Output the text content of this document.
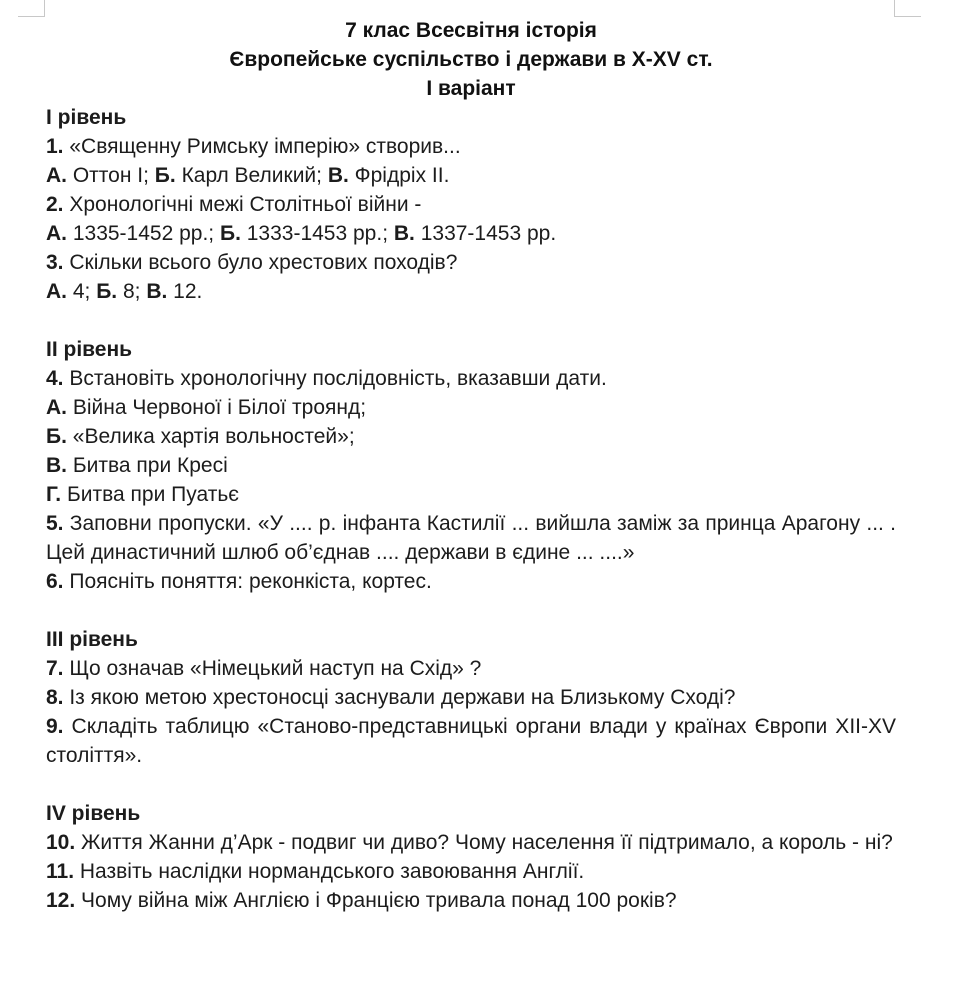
7 клас Всесвітня історія
Європейське суспільство і держави в X-XV ст.
I варіант
I рівень
1. «Священну Римську імперію» створив...
А. Оттон І; Б. Карл Великий; В. Фрідріх ІІ.
2. Хронологічні межі Столітньої війни -
А. 1335-1452 рр.; Б. 1333-1453 рр.; В. 1337-1453 рр.
3. Скільки всього було хрестових походів?
А. 4; Б. 8; В. 12.
II рівень
4. Встановіть хронологічну послідовність, вказавши дати.
А. Війна Червоної і Білої троянд;
Б. «Велика хартія вольностей»;
В. Битва при Кресі
Г. Битва при Пуатьє
5. Заповни пропуски. «У .... р. інфанта Кастилії ... вийшла заміж за принца Арагону ... . Цей династичний шлюб об’єднав .... держави в єдине ... ....»
6. Поясніть поняття: реконкіста, кортес.
III рівень
7. Що означав «Німецький наступ на Схід» ?
8. Із якою метою хрестоносці заснували держави на Близькому Сході?
9. Складіть таблицю «Станово-представницькі органи влади у країнах Європи XII-XV століття».
IV рівень
10. Життя Жанни д’Арк - подвиг чи диво? Чому населення її підтримало, а король - ні?
11. Назвіть наслідки нормандського завоювання Англії.
12. Чому війна між Англією і Францією тривала понад 100 років?
